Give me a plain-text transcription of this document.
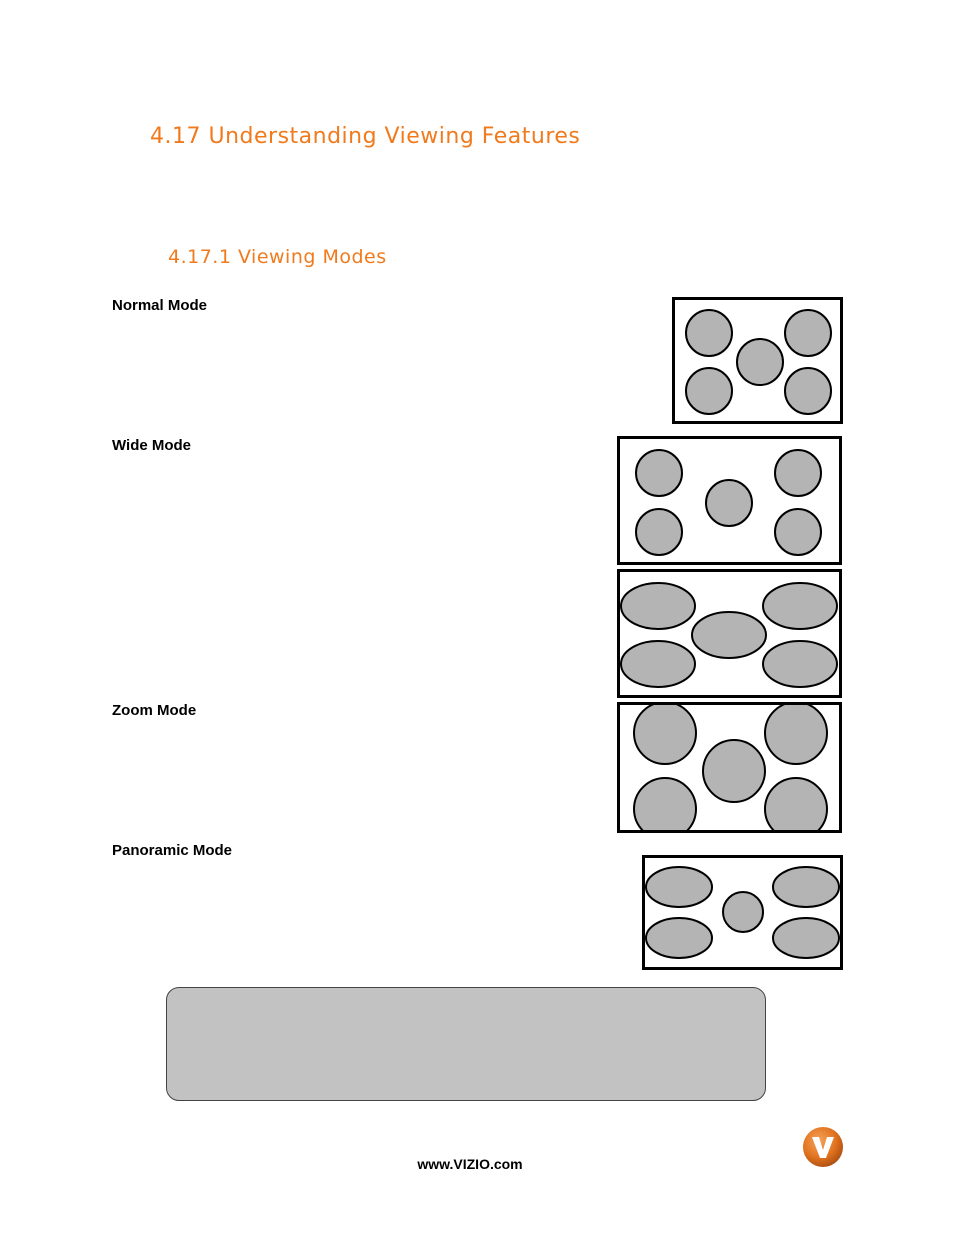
4.17 Understanding Viewing Features
4.17.1 Viewing Modes
Normal Mode
Wide Mode
Zoom Mode
Panoramic Mode
www.VIZIO.com
